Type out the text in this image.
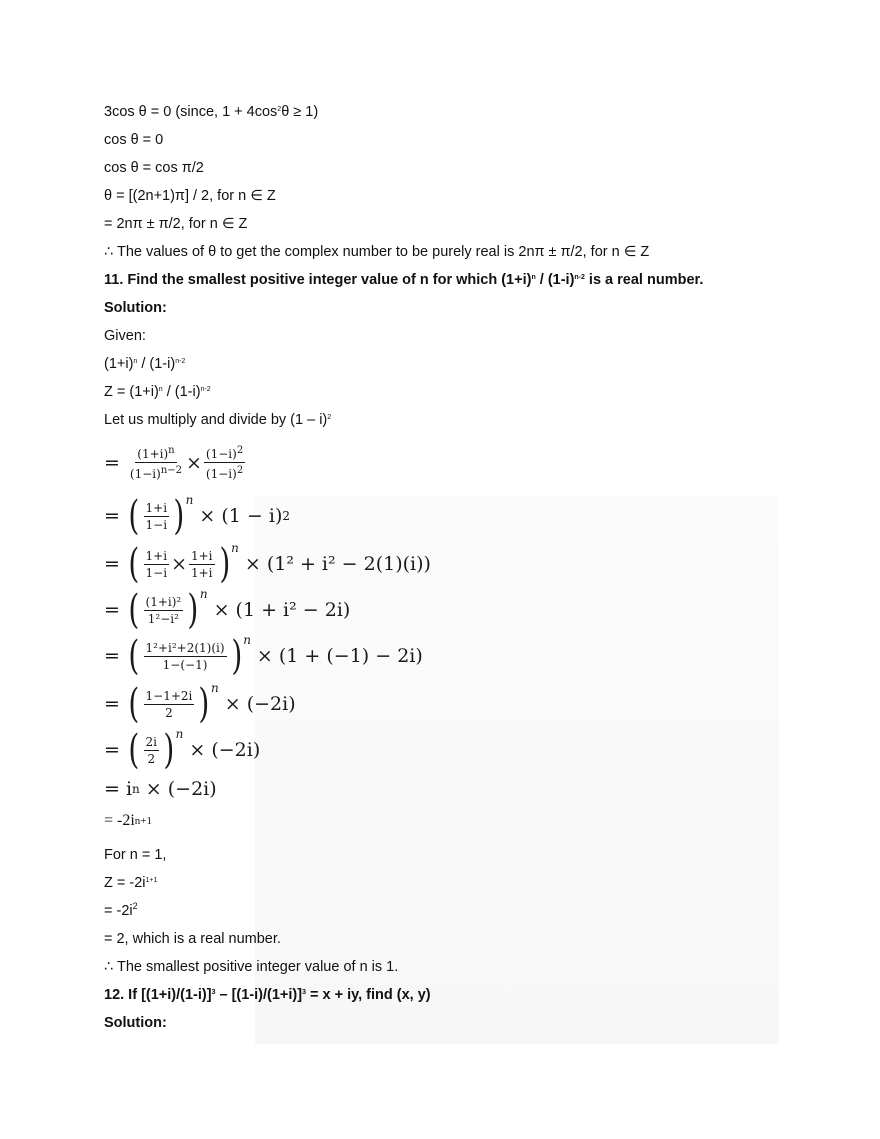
3cos θ = 0 (since, $1 + 4\cos^2\theta \ge 1$)
cos θ = 0
cos θ = cos π/2
θ = [(2n+1)π] / 2, for n ∈ Z
= 2nπ ± π/2, for n ∈ Z
∴ The values of θ to get the complex number to be purely real is 2nπ ± π/2, for n ∈ Z
11. Find the smallest positive integer value of n for which $(1+i)^n / (1-i)^{n-2}$ is a real number.
Solution:
Given:
$(1+i)^n / (1-i)^{n-2}$
$Z = (1+i)^n / (1-i)^{n-2}$
Let us multiply and divide by (1 – i)$^2$
= $\frac{(1+i)^n}{(1-i)^{n-2}} \times \frac{(1-i)^2}{(1-i)^2}$
= ( $\frac{1+i}{1-i}$ ) n
× (1 − i) 2
= ( $\frac{1+i}{1-i} \times \frac{1+i}{1+i}$ ) n
× (1² + i² − 2(1)(i))
= ( $\frac{\text{(1+i)²}}{\text{1²−i²}}$ ) n
× (1 + i² − 2i)
= ( $\frac{\text{1²+i²+2(1)(i)}}{1-(-1)}$ ) n
× (1 + (−1) − 2i)
= ( $\frac{1-1+2i}{2}$ ) n
× (−2i)
= ( $\frac{2i}{2}$ ) n
× (−2i)
= i n × (−2i)
= -2i n+1
For n = 1,
$Z = -2i^{1+1}$
= $-2i^2$
= 2, which is a real number.
∴ The smallest positive integer value of n is 1.
12. If $[(1+i)/(1-i)]^3 - [(1-i)/(1+i)]^3 = x$ + iy, find (x, y)
Solution:
